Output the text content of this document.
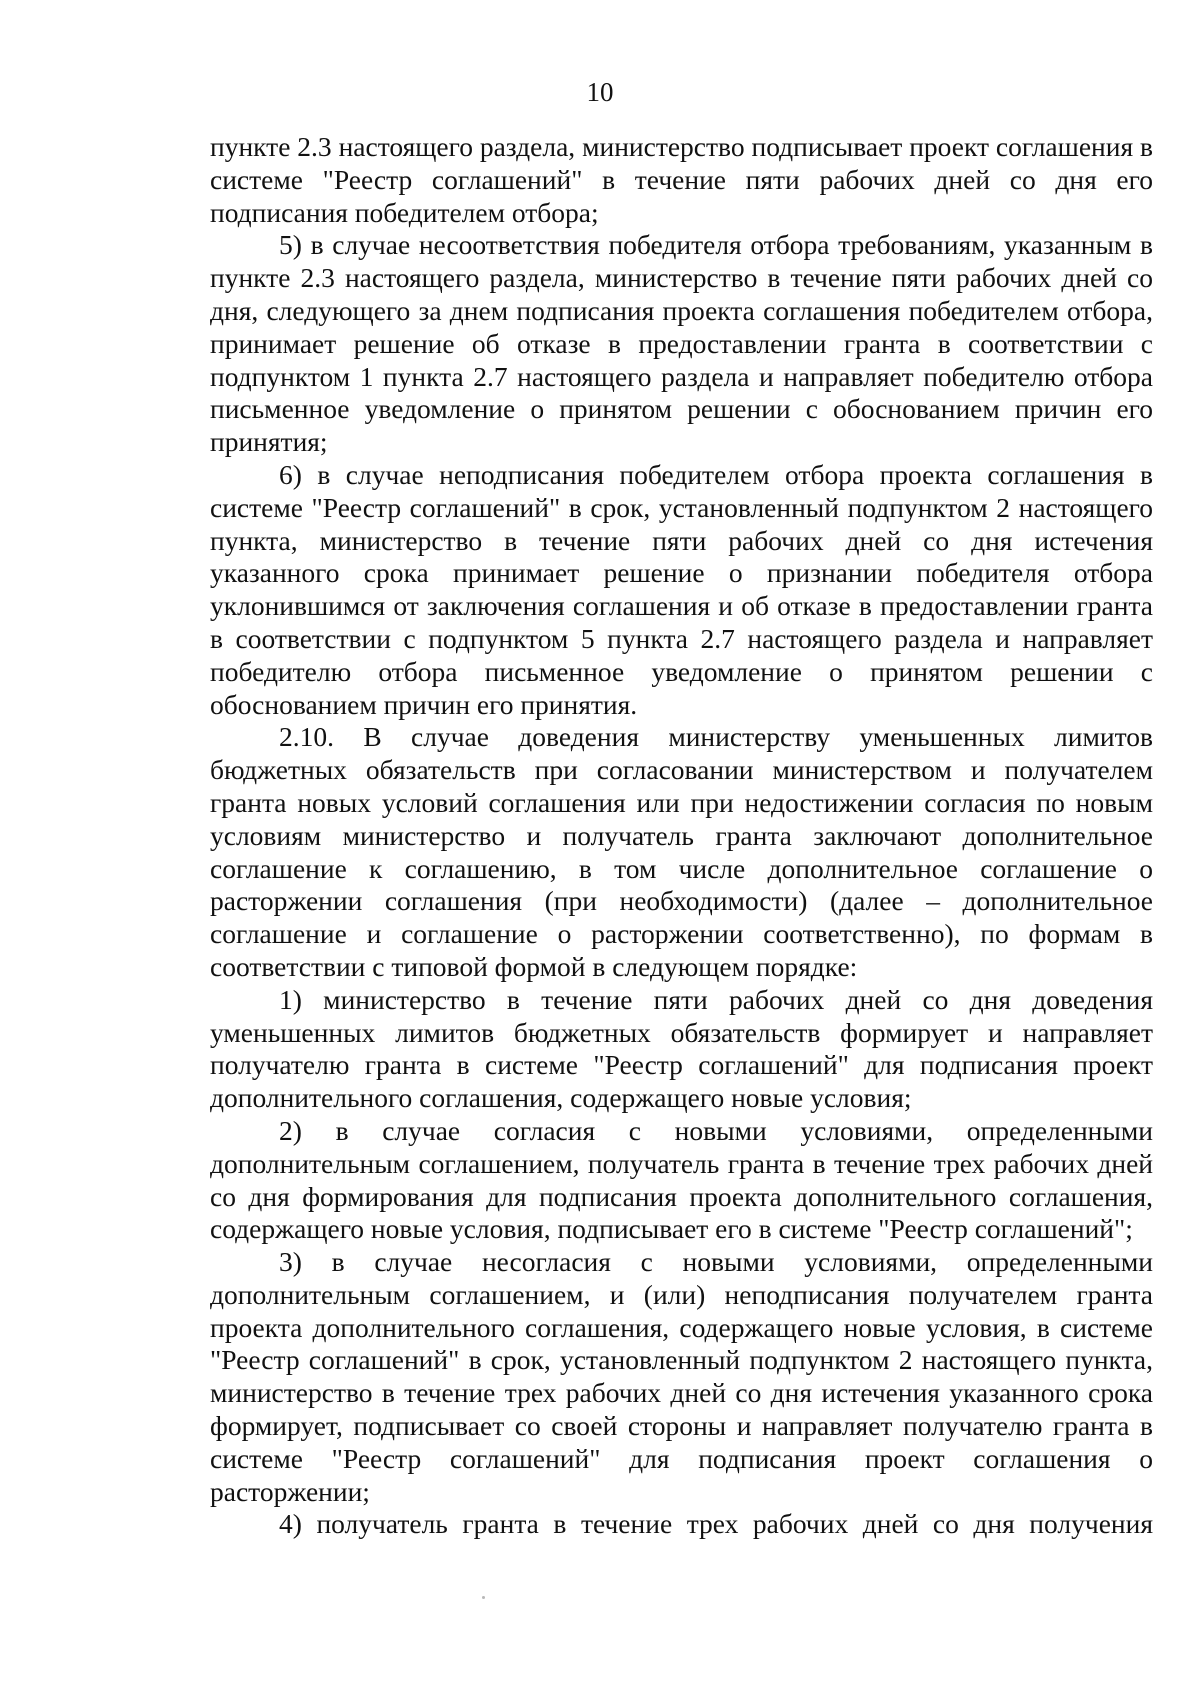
10

пункте 2.3 настоящего раздела, министерство подписывает проект соглашения в системе "Реестр соглашений" в течение пяти рабочих дней со дня его подписания победителем отбора;

5) в случае несоответствия победителя отбора требованиям, указанным в пункте 2.3 настоящего раздела, министерство в течение пяти рабочих дней со дня, следующего за днем подписания проекта соглашения победителем отбора, принимает решение об отказе в предоставлении гранта в соответствии с подпунктом 1 пункта 2.7 настоящего раздела и направляет победителю отбора письменное уведомление о принятом решении с обоснованием причин его принятия;

6) в случае неподписания победителем отбора проекта соглашения в системе "Реестр соглашений" в срок, установленный подпунктом 2 настоящего пункта, министерство в течение пяти рабочих дней со дня истечения указанного срока принимает решение о признании победителя отбора уклонившимся от заключения соглашения и об отказе в предоставлении гранта в соответствии с подпунктом 5 пункта 2.7 настоящего раздела и направляет победителю отбора письменное уведомление о принятом решении с обоснованием причин его принятия.

2.10. В случае доведения министерству уменьшенных лимитов бюджетных обязательств при согласовании министерством и получателем гранта новых условий соглашения или при недостижении согласия по новым условиям министерство и получатель гранта заключают дополнительное соглашение к соглашению, в том числе дополнительное соглашение о расторжении соглашения (при необходимости) (далее – дополнительное соглашение и соглашение о расторжении соответственно), по формам в соответствии с типовой формой в следующем порядке:

1) министерство в течение пяти рабочих дней со дня доведения уменьшенных лимитов бюджетных обязательств формирует и направляет получателю гранта в системе "Реестр соглашений" для подписания проект дополнительного соглашения, содержащего новые условия;

2) в случае согласия с новыми условиями, определенными дополнительным соглашением, получатель гранта в течение трех рабочих дней со дня формирования для подписания проекта дополнительного соглашения, содержащего новые условия, подписывает его в системе "Реестр соглашений";

3) в случае несогласия с новыми условиями, определенными дополнительным соглашением, и (или) неподписания получателем гранта проекта дополнительного соглашения, содержащего новые условия, в системе "Реестр соглашений" в срок, установленный подпунктом 2 настоящего пункта, министерство в течение трех рабочих дней со дня истечения указанного срока формирует, подписывает со своей стороны и направляет получателю гранта в системе "Реестр соглашений" для подписания проект соглашения о расторжении;

4) получатель гранта в течение трех рабочих дней со дня получения
